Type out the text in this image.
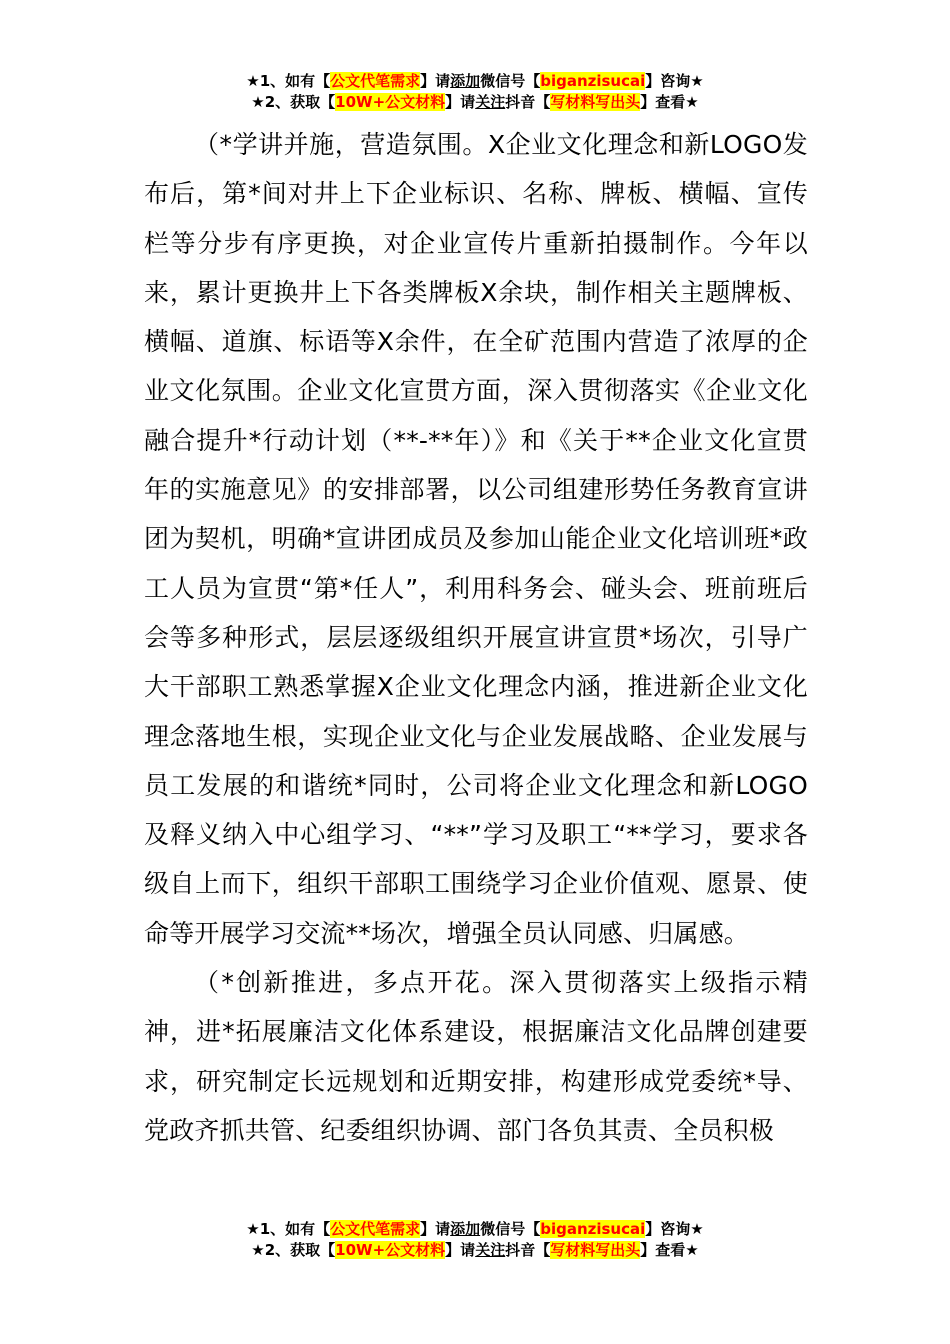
★1、如有【公文代笔需求】请添加微信号【biganzisucai】咨询★
★2、获取【10W+公文材料】请关注抖音【写材料写出头】查看★

（*学讲并施，营造氛围。X企业文化理念和新LOGO发布后，第*间对井上下企业标识、名称、牌板、横幅、宣传栏等分步有序更换，对企业宣传片重新拍摄制作。今年以来，累计更换井上下各类牌板X余块，制作相关主题牌板、横幅、道旗、标语等X余件，在全矿范围内营造了浓厚的企业文化氛围。企业文化宣贯方面，深入贯彻落实《企业文化融合提升*行动计划（**-**年）》和《关于**企业文化宣贯年的实施意见》的安排部署，以公司组建形势任务教育宣讲团为契机，明确*宣讲团成员及参加山能企业文化培训班*政工人员为宣贯“第*任人”，利用科务会、碰头会、班前班后会等多种形式，层层逐级组织开展宣讲宣贯*场次，引导广大干部职工熟悉掌握X企业文化理念内涵，推进新企业文化理念落地生根，实现企业文化与企业发展战略、企业发展与员工发展的和谐统*同时，公司将企业文化理念和新LOGO及释义纳入中心组学习、“**”学习及职工“**学习，要求各级自上而下，组织干部职工围绕学习企业价值观、愿景、使命等开展学习交流**场次，增强全员认同感、归属感。

（*创新推进，多点开花。深入贯彻落实上级指示精神，进*拓展廉洁文化体系建设，根据廉洁文化品牌创建要求，研究制定长远规划和近期安排，构建形成党委统*导、党政齐抓共管、纪委组织协调、部门各负其责、全员积极

★1、如有【公文代笔需求】请添加微信号【biganzisucai】咨询★
★2、获取【10W+公文材料】请关注抖音【写材料写出头】查看★
